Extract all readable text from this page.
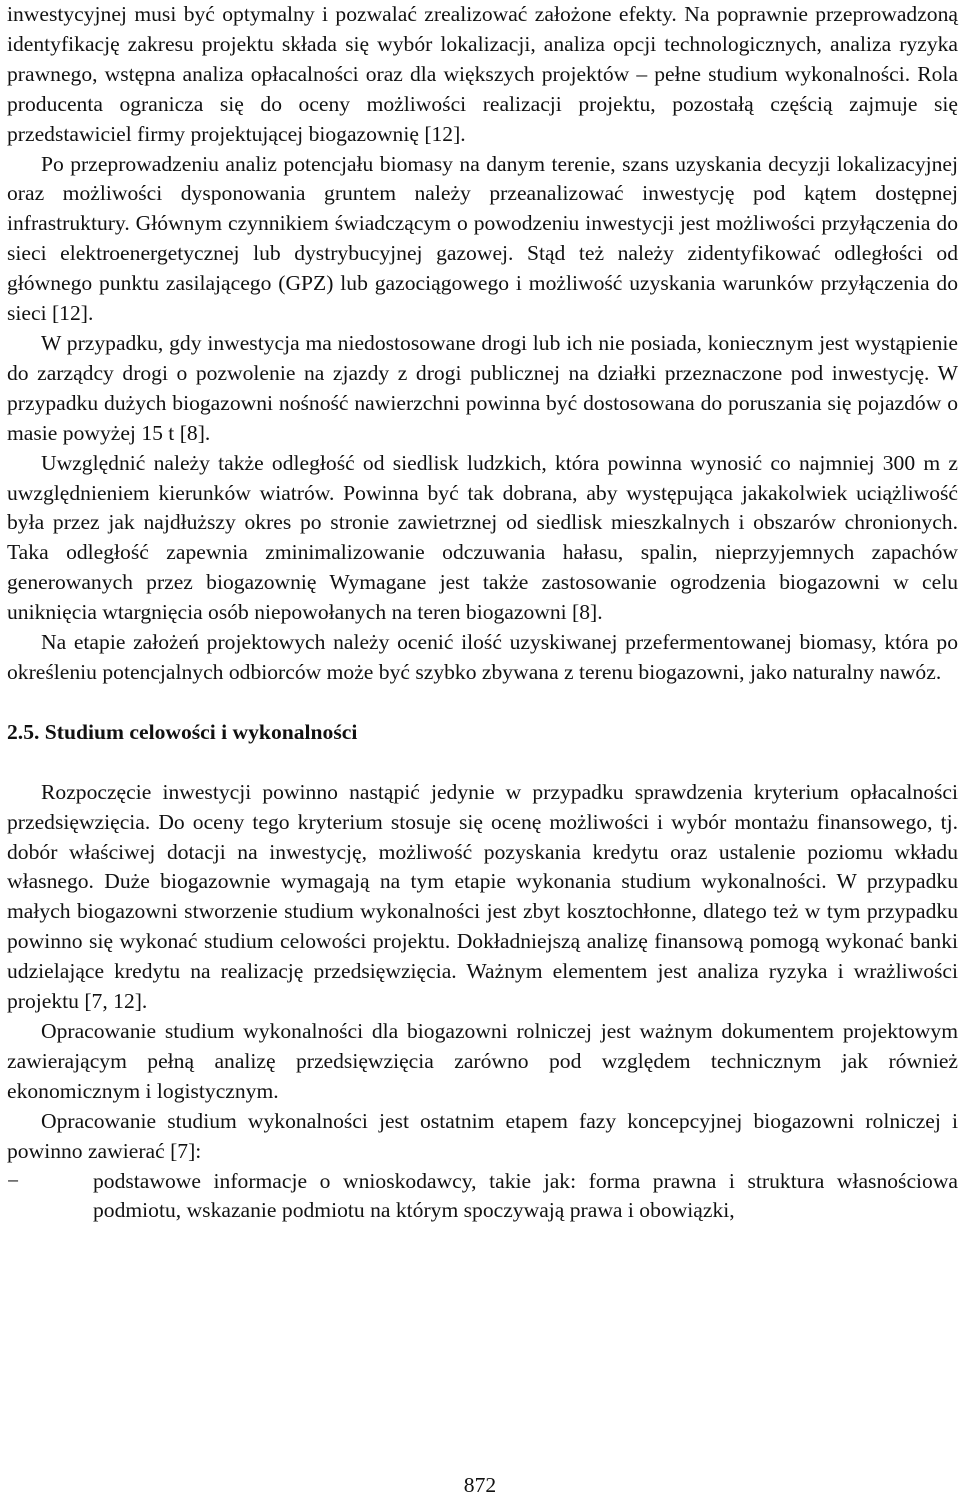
inwestycyjnej musi być optymalny i pozwalać zrealizować założone efekty. Na poprawnie przeprowadzoną identyfikację zakresu projektu składa się wybór lokalizacji, analiza opcji technologicznych, analiza ryzyka prawnego, wstępna analiza opłacalności oraz dla większych projektów – pełne studium wykonalności. Rola producenta ogranicza się do oceny możliwości realizacji projektu, pozostałą częścią zajmuje się przedstawiciel firmy projektującej biogazownię [12].

Po przeprowadzeniu analiz potencjału biomasy na danym terenie, szans uzyskania decyzji lokalizacyjnej oraz możliwości dysponowania gruntem należy przeanalizować inwestycję pod kątem dostępnej infrastruktury. Głównym czynnikiem świadczącym o powodzeniu inwestycji jest możliwości przyłączenia do sieci elektroenergetycznej lub dystrybucyjnej gazowej. Stąd też należy zidentyfikować odległości od głównego punktu zasilającego (GPZ) lub gazociągowego i możliwość uzyskania warunków przyłączenia do sieci [12].

W przypadku, gdy inwestycja ma niedostosowane drogi lub ich nie posiada, koniecznym jest wystąpienie do zarządcy drogi o pozwolenie na zjazdy z drogi publicznej na działki przeznaczone pod inwestycję. W przypadku dużych biogazowni nośność nawierzchni powinna być dostosowana do poruszania się pojazdów o masie powyżej 15 t [8].

Uwzględnić należy także odległość od siedlisk ludzkich, która powinna wynosić co najmniej 300 m z uwzględnieniem kierunków wiatrów. Powinna być tak dobrana, aby występująca jakakolwiek uciążliwość była przez jak najdłuższy okres po stronie zawietrznej od siedlisk mieszkalnych i obszarów chronionych. Taka odległość zapewnia zminimalizowanie odczuwania hałasu, spalin, nieprzyjemnych zapachów generowanych przez biogazownię Wymagane jest także zastosowanie ogrodzenia biogazowni w celu uniknięcia wtargnięcia osób niepowołanych na teren biogazowni [8].

Na etapie założeń projektowych należy ocenić ilość uzyskiwanej przefermentowanej biomasy, która po określeniu potencjalnych odbiorców może być szybko zbywana z terenu biogazowni, jako naturalny nawóz.

2.5. Studium celowości i wykonalności

Rozpoczęcie inwestycji powinno nastąpić jedynie w przypadku sprawdzenia kryterium opłacalności przedsięwzięcia. Do oceny tego kryterium stosuje się ocenę możliwości i wybór montażu finansowego, tj. dobór właściwej dotacji na inwestycję, możliwość pozyskania kredytu oraz ustalenie poziomu wkładu własnego. Duże biogazownie wymagają na tym etapie wykonania studium wykonalności. W przypadku małych biogazowni stworzenie studium wykonalności jest zbyt kosztochłonne, dlatego też w tym przypadku powinno się wykonać studium celowości projektu. Dokładniejszą analizę finansową pomogą wykonać banki udzielające kredytu na realizację przedsięwzięcia. Ważnym elementem jest analiza ryzyka i wrażliwości projektu [7, 12].

Opracowanie studium wykonalności dla biogazowni rolniczej jest ważnym dokumentem projektowym zawierającym pełną analizę przedsięwzięcia zarówno pod względem technicznym jak również ekonomicznym i logistycznym.

Opracowanie studium wykonalności jest ostatnim etapem fazy koncepcyjnej biogazowni rolniczej i powinno zawierać [7]:

−	podstawowe informacje o wnioskodawcy, takie jak: forma prawna i struktura własnościowa podmiotu, wskazanie podmiotu na którym spoczywają prawa i obowiązki,
872
